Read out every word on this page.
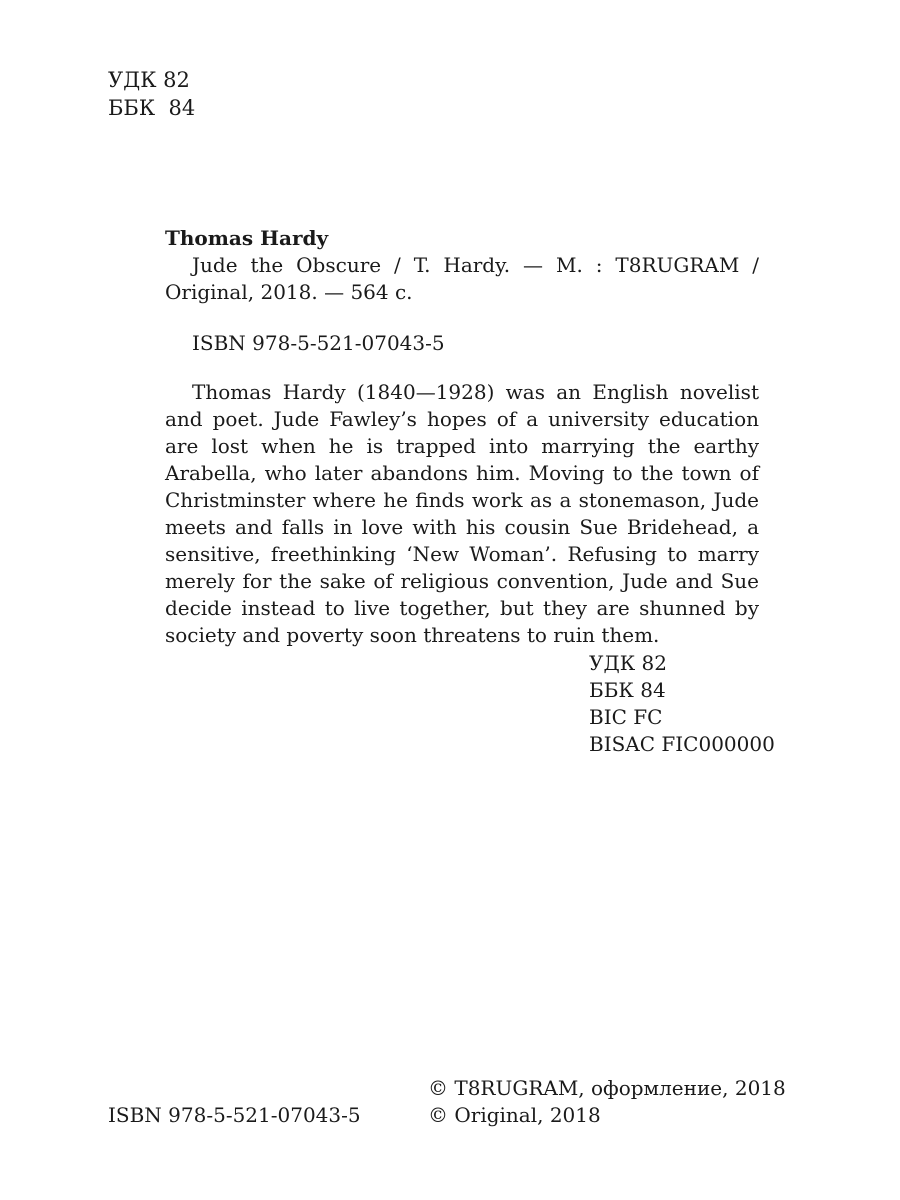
УДК 82
ББК  84
Thomas Hardy

Jude the Obscure / T. Hardy. — М. : T8RUGRAM / Original, 2018. — 564 с.

ISBN 978-5-521-07043-5

Thomas Hardy (1840—1928) was an English novelist and poet. Jude Fawley’s hopes of a university education are lost when he is trapped into marrying the earthy Arabella, who later abandons him. Moving to the town of Christminster where he finds work as a stonemason, Jude meets and falls in love with his cousin Sue Bridehead, a sensitive, freethinking ‘New Woman’. Refusing to marry merely for the sake of religious convention, Jude and Sue decide instead to live together, but they are shunned by society and poverty soon threatens to ruin them.

УДК 82
ББК 84
BIC FC
BISAC FIC000000
ISBN 978-5-521-07043-5
© T8RUGRAM, оформление, 2018
© Original, 2018
